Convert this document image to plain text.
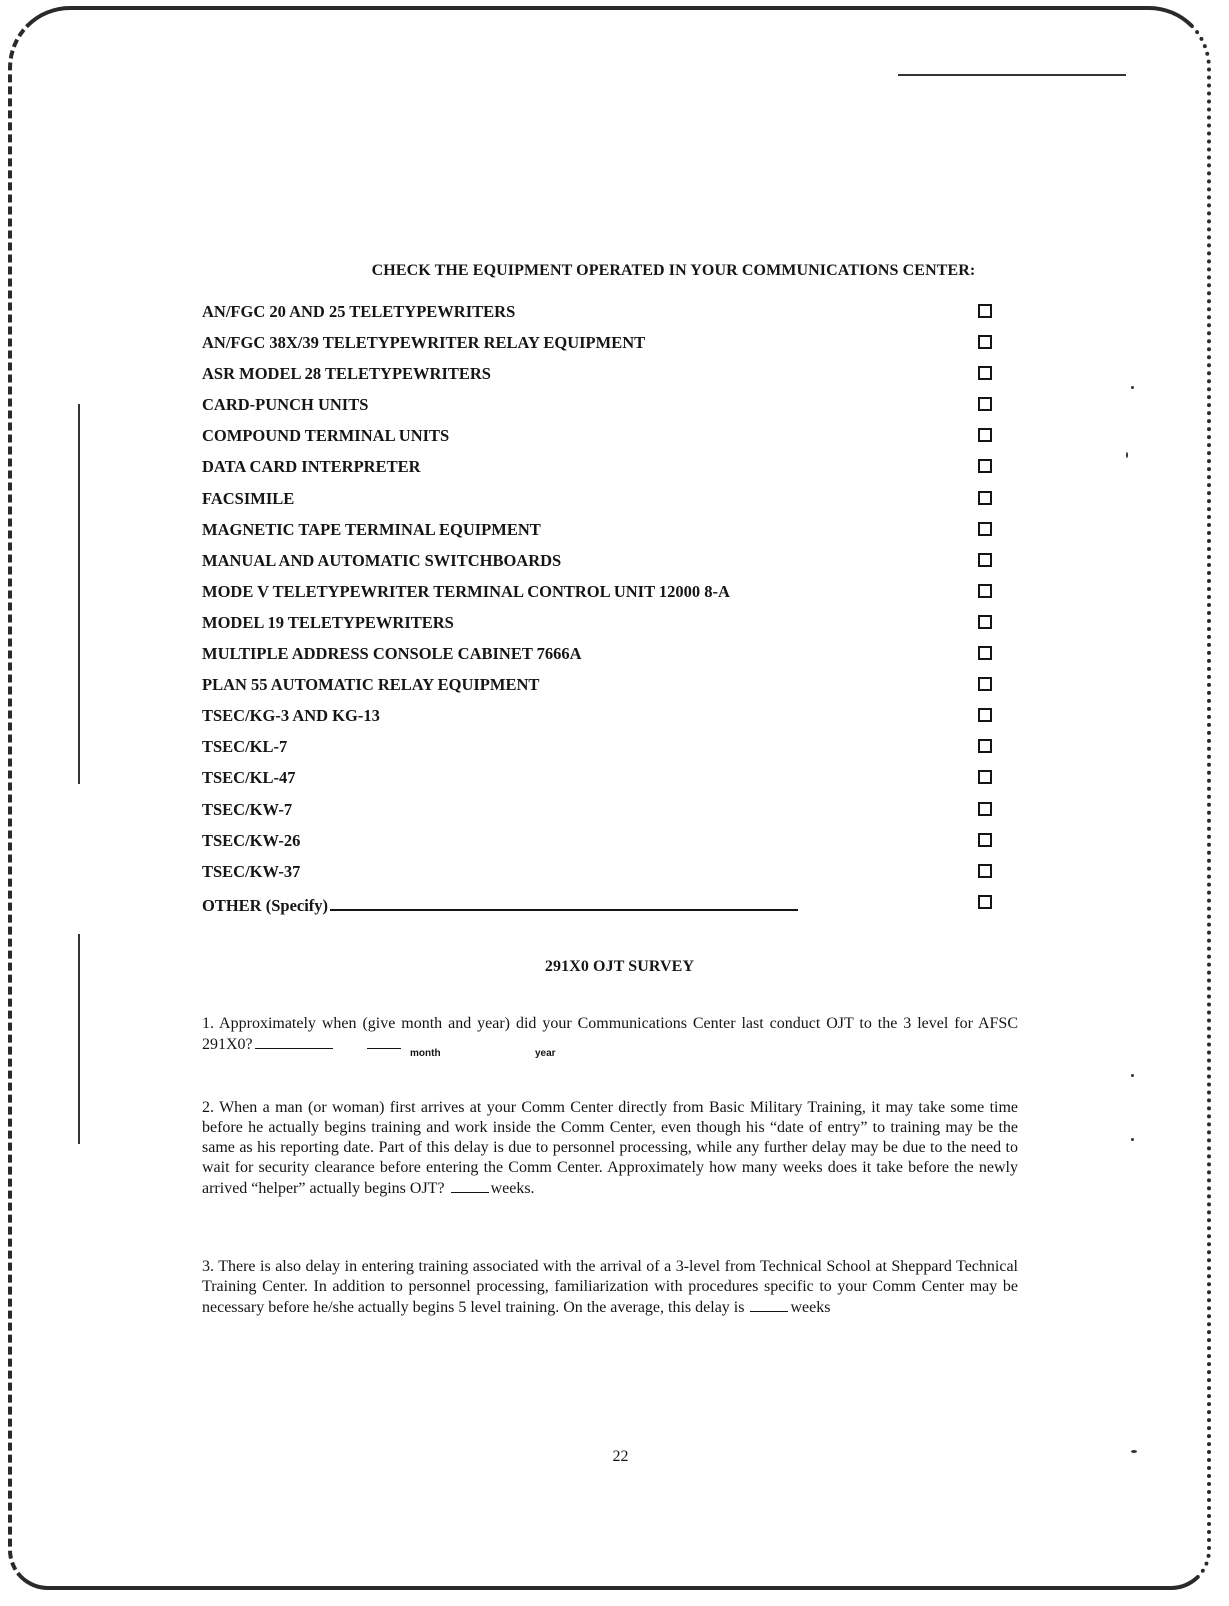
CHECK THE EQUIPMENT OPERATED IN YOUR COMMUNICATIONS CENTER:
AN/FGC 20 AND 25 TELETYPEWRITERS
AN/FGC 38X/39 TELETYPEWRITER RELAY EQUIPMENT
ASR MODEL 28 TELETYPEWRITERS
CARD-PUNCH UNITS
COMPOUND TERMINAL UNITS
DATA CARD INTERPRETER
FACSIMILE
MAGNETIC TAPE TERMINAL EQUIPMENT
MANUAL AND AUTOMATIC SWITCHBOARDS
MODE V TELETYPEWRITER TERMINAL CONTROL UNIT 12000 8-A
MODEL 19 TELETYPEWRITERS
MULTIPLE ADDRESS CONSOLE CABINET 7666A
PLAN 55 AUTOMATIC RELAY EQUIPMENT
TSEC/KG-3 AND KG-13
TSEC/KL-7
TSEC/KL-47
TSEC/KW-7
TSEC/KW-26
TSEC/KW-37
OTHER (Specify)
291X0 OJT SURVEY
1. Approximately when (give month and year) did your Communications Center last conduct OJT to the 3 level for AFSC 291X0?
month	year
2. When a man (or woman) first arrives at your Comm Center directly from Basic Military Training, it may take some time before he actually begins training and work inside the Comm Center, even though his “date of entry” to training may be the same as his reporting date. Part of this delay is due to personnel processing, while any further delay may be due to the need to wait for security clearance before entering the Comm Center. Approximately how many weeks does it take before the newly arrived “helper” actually begins OJT?	weeks.
3. There is also delay in entering training associated with the arrival of a 3-level from Technical School at Sheppard Technical Training Center. In addition to personnel processing, familiarization with procedures specific to your Comm Center may be necessary before he/she actually begins 5 level training. On the average, this delay is	weeks
22
